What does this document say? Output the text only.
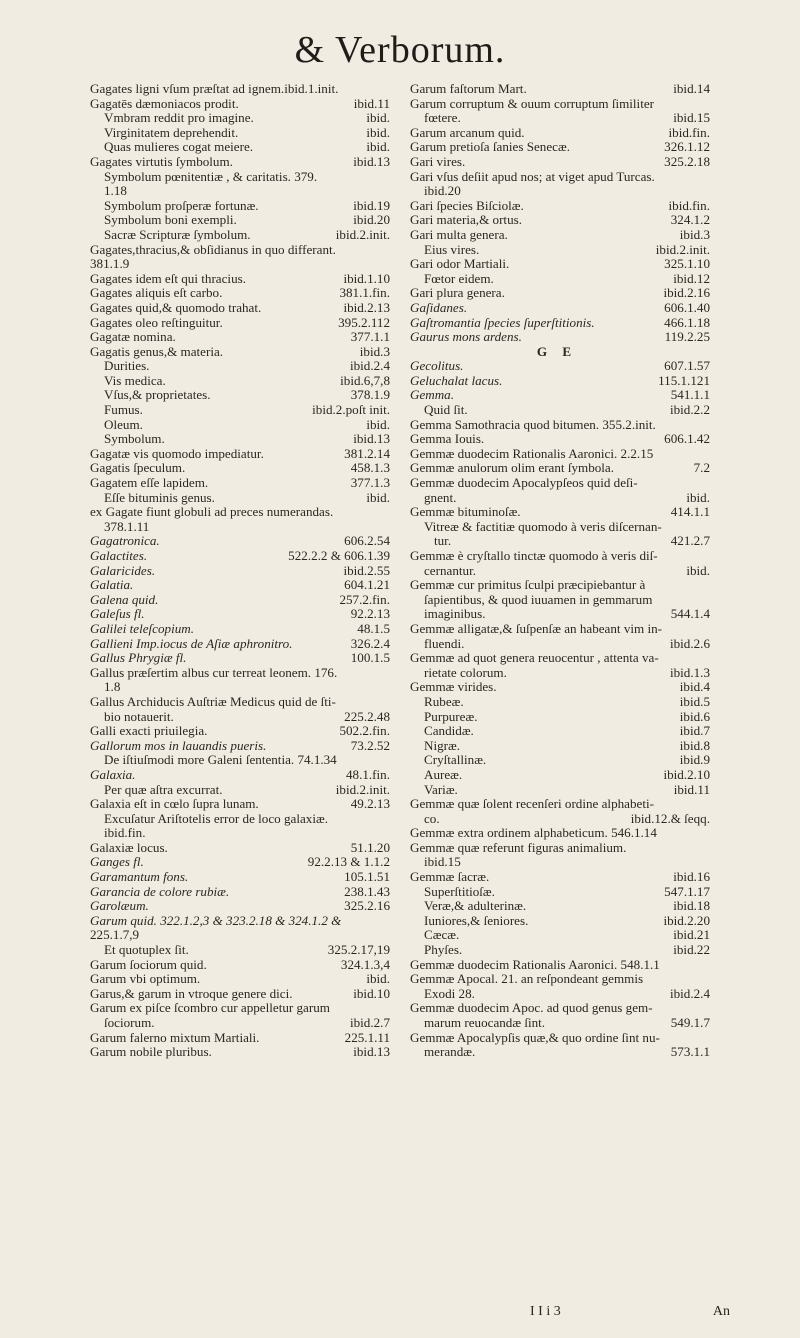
& Verborum.
Gagates ligni vſum præſtat ad ignem.ibid.1.init.
Gagatēs dæmoniacos prodit.	ibid.11
Vmbram reddit pro imagine.	ibid.
Virginitatem deprehendit.	ibid.
Quas mulieres cogat meiere.	ibid.
Gagates virtutis ſymbolum.	ibid.13
Symbolum pœnitentiæ , & caritatis. 379.
1.18
Symbolum proſperæ fortunæ.	ibid.19
Symbolum boni exempli.	ibid.20
Sacræ Scripturæ ſymbolum.	ibid.2.init.
Gagates,thracius,& obſidianus in quo differant.
381.1.9
Gagates idem eſt qui thracius.	ibid.1.10
Gagates aliquis eſt carbo.	381.1.fin.
Gagates quid,& quomodo trahat.	ibid.2.13
Gagates oleo reſtinguitur.	395.2.112
Gagatæ nomina.	377.1.1
Gagatis genus,& materia.	ibid.3
Durities.	ibid.2.4
Vis medica.	ibid.6,7,8
Vſus,& proprietates.	378.1.9
Fumus.	ibid.2.poſt init.
Oleum.	ibid.
Symbolum.	ibid.13
Gagatæ vis quomodo impediatur.	381.2.14
Gagatis ſpeculum.	458.1.3
Gagatem eſſe lapidem.	377.1.3
Eſſe bituminis genus.	ibid.
ex Gagate fiunt globuli ad preces numerandas.
378.1.11
Gagatronica.	606.2.54
Galactites.	522.2.2 & 606.1.39
Galaricides.	ibid.2.55
Galatia.	604.1.21
Galena quid.	257.2.fin.
Galeſus fl.	92.2.13
Galilei teleſcopium.	48.1.5
Gallieni Imp.iocus de Aſiæ aphronitro.	326.2.4
Gallus Phrygiæ fl.	100.1.5
Gallus præſertim albus cur terreat leonem. 176.
1.8
Gallus Archiducis Auſtriæ Medicus quid de ſti-
bio notauerit.	225.2.48
Galli exacti priuilegia.	502.2.fin.
Gallorum mos in lauandis pueris.	73.2.52
De iſtiuſmodi more Galeni ſententia. 74.1.34
Galaxia.	48.1.fin.
Per quæ aſtra excurrat.	ibid.2.init.
Galaxia eſt in cœlo ſupra lunam.	49.2.13
Excuſatur Ariſtotelis error de loco galaxiæ.
ibid.fin.
Galaxiæ locus.	51.1.20
Ganges fl.	92.2.13 & 1.1.2
Garamantum fons.	105.1.51
Garancia de colore rubiæ.	238.1.43
Garolæum.	325.2.16
Garum quid. 322.1.2,3 & 323.2.18 & 324.1.2 &
225.1.7,9
Et quotuplex ſit.	325.2.17,19
Garum ſociorum quid.	324.1.3,4
Garum vbi optimum.	ibid.
Garus,& garum in vtroque genere dici.	ibid.10
Garum ex piſce ſcombro cur appelletur garum
ſociorum.	ibid.2.7
Garum falerno mixtum Martiali.	225.1.11
Garum nobile pluribus.	ibid.13
Garum faſtorum Mart.	ibid.14
Garum corruptum & ouum corruptum ſimiliter
fœtere.	ibid.15
Garum arcanum quid.	ibid.fin.
Garum pretioſa ſanies Senecæ.	326.1.12
Gari vires.	325.2.18
Gari vſus deſiit apud nos; at viget apud Turcas.
ibid.20
Gari ſpecies Biſciolæ.	ibid.fin.
Gari materia,& ortus.	324.1.2
Gari multa genera.	ibid.3
Eius vires.	ibid.2.init.
Gari odor Martiali.	325.1.10
Fœtor eidem.	ibid.12
Gari plura genera.	ibid.2.16
Gaſidanes.	606.1.40
Gaſtromantia ſpecies ſuperſtitionis.	466.1.18
Gaurus mons ardens.	119.2.25
G E
Gecolitus.	607.1.57
Geluchalat lacus.	115.1.121
Gemma.	541.1.1
Quid ſit.	ibid.2.2
Gemma Samothracia quod bitumen. 355.2.init.
Gemma Iouis.	606.1.42
Gemmæ duodecim Rationalis Aaronici. 2.2.15
Gemmæ anulorum olim erant ſymbola.	7.2
Gemmæ duodecim Apocalypſeos quid deſi-
gnent.	ibid.
Gemmæ bituminoſæ.	414.1.1
Vitreæ & factitiæ quomodo à veris diſcernan-
tur.	421.2.7
Gemmæ è cryſtallo tinctæ quomodo à veris diſ-
cernantur.	ibid.
Gemmæ cur primitus ſculpi præcipiebantur à
ſapientibus, & quod iuuamen in gemmarum
imaginibus.	544.1.4
Gemmæ alligatæ,& ſuſpenſæ an habeant vim in-
fluendi.	ibid.2.6
Gemmæ ad quot genera reuocentur , attenta va-
rietate colorum.	ibid.1.3
Gemmæ virides.	ibid.4
Rubeæ.	ibid.5
Purpureæ.	ibid.6
Candidæ.	ibid.7
Nigræ.	ibid.8
Cryſtallinæ.	ibid.9
Aureæ.	ibid.2.10
Variæ.	ibid.11
Gemmæ quæ ſolent recenſeri ordine alphabeti-
co.	ibid.12.& ſeqq.
Gemmæ extra ordinem alphabeticum. 546.1.14
Gemmæ quæ referunt figuras animalium.
ibid.15
Gemmæ ſacræ.	ibid.16
Superſtitioſæ.	547.1.17
Veræ,& adulterinæ.	ibid.18
Iuniores,& ſeniores.	ibid.2.20
Cæcæ.	ibid.21
Phyſes.	ibid.22
Gemmæ duodecim Rationalis Aaronici. 548.1.1
Gemmæ Apocal. 21. an reſpondeant gemmis
Exodi 28.	ibid.2.4
Gemmæ duodecim Apoc. ad quod genus gem-
marum reuocandæ ſint.	549.1.7
Gemmæ Apocalypſis quæ,& quo ordine ſint nu-
merandæ.	573.1.1
I I i 3	An
